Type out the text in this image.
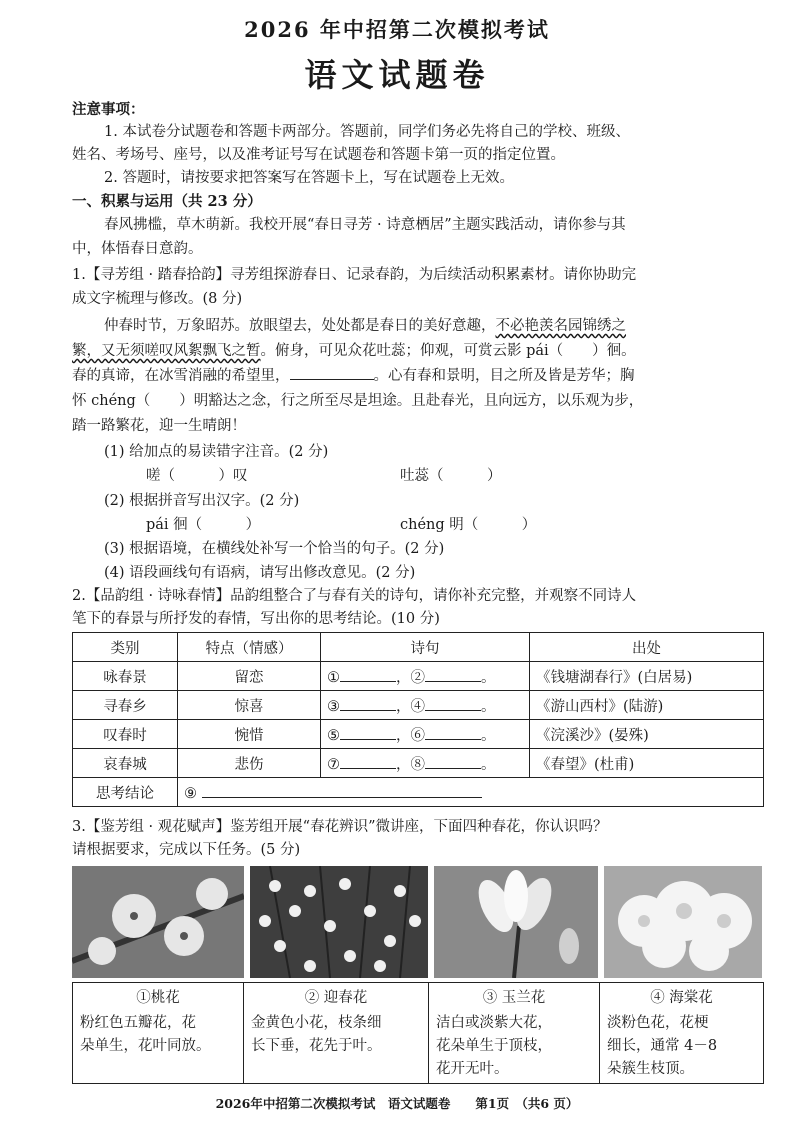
2026 年中招第二次模拟考试
语文试题卷
注意事项：
1. 本试卷分试题卷和答题卡两部分。答题前，同学们务必先将自己的学校、班级、
姓名、考场号、座号，以及准考证号写在试题卷和答题卡第一页的指定位置。
2. 答题时，请按要求把答案写在答题卡上，写在试题卷上无效。
一、积累与运用（共 23 分）
春风拂槛，草木萌新。我校开展“春日寻芳 · 诗意栖居”主题实践活动，请你参与其
中，体悟春日意韵。
1.【寻芳组 · 踏春拾韵】寻芳组探游春日、记录春韵，为后续活动积累素材。请你协助完
成文字梳理与修改。(8 分)
仲春时节，万象昭苏。放眼望去，处处都是春日的美好意趣，不必艳羡名园锦绣之
繁，又无须嗟叹风絮飘飞之暂。俯身，可见众花吐蕊；仰观，可赏云影 pái（　　）徊。
春的真谛，在冰雪消融的希望里，	。心有春和景明，目之所及皆是芳华；胸
怀 chéng（　　）明豁达之念，行之所至尽是坦途。且赴春光，且向远方，以乐观为步，
踏一路繁花，迎一生晴朗！
(1) 给加点的易读错字注音。(2 分)
嗟（　　　）叹	吐蕊（　　　）
(2) 根据拼音写出汉字。(2 分)
pái 徊（　　　）	chéng 明（　　　）
(3) 根据语境，在横线处补写一个恰当的句子。(2 分)
(4) 语段画线句有语病，请写出修改意见。(2 分)
2.【品韵组 · 诗咏春情】品韵组整合了与春有关的诗句，请你补充完整，并观察不同诗人
笔下的春景与所抒发的春情，写出你的思考结论。(10 分)
类别	特点（情感）	诗句	出处
咏春景	留恋	① ，② 。	《钱塘湖春行》(白居易)
寻春乡	惊喜	③ ，④ 。	《游山西村》(陆游)
叹春时	惋惜	⑤ ，⑥ 。	《浣溪沙》(晏殊)
哀春城	悲伤	⑦ ，⑧ 。	《春望》(杜甫)
思考结论	⑨		
3.【鉴芳组 · 观花赋声】鉴芳组开展“春花辨识”微讲座，下面四种春花，你认识吗？
请根据要求，完成以下任务。(5 分)
①桃花
粉红色五瓣花，花
朵单生，花叶同放。
② 迎春花
金黄色小花，枝条细
长下垂，花先于叶。
③ 玉兰花
洁白或淡紫大花，
花朵单生于顶枝，
花开无叶。
④ 海棠花
淡粉色花，花梗
细长，通常 4－8
朵簇生枝顶。
2026年中招第二次模拟考试　语文试题卷　　第1页　（共6 页）
